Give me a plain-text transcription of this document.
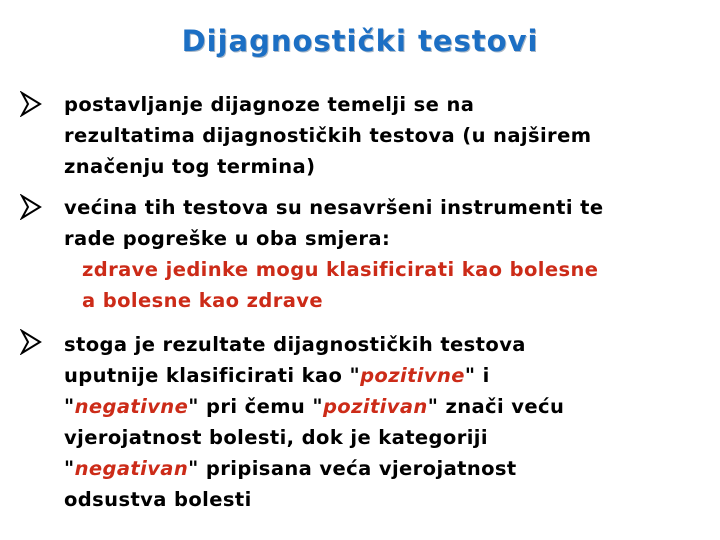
Dijagnostički testovi
postavljanje dijagnoze temelji se na
rezultatima dijagnostičkih testova (u najširem
značenju tog termina)
većina tih testova su nesavršeni instrumenti te
rade pogreške u oba smjera:
zdrave jedinke mogu klasificirati kao bolesne
a bolesne kao zdrave
stoga je rezultate dijagnostičkih testova
uputnije klasificirati kao "pozitivne" i
"negativne" pri čemu "pozitivan" znači veću
vjerojatnost bolesti, dok je kategoriji
"negativan" pripisana veća vjerojatnost
odsustva bolesti
